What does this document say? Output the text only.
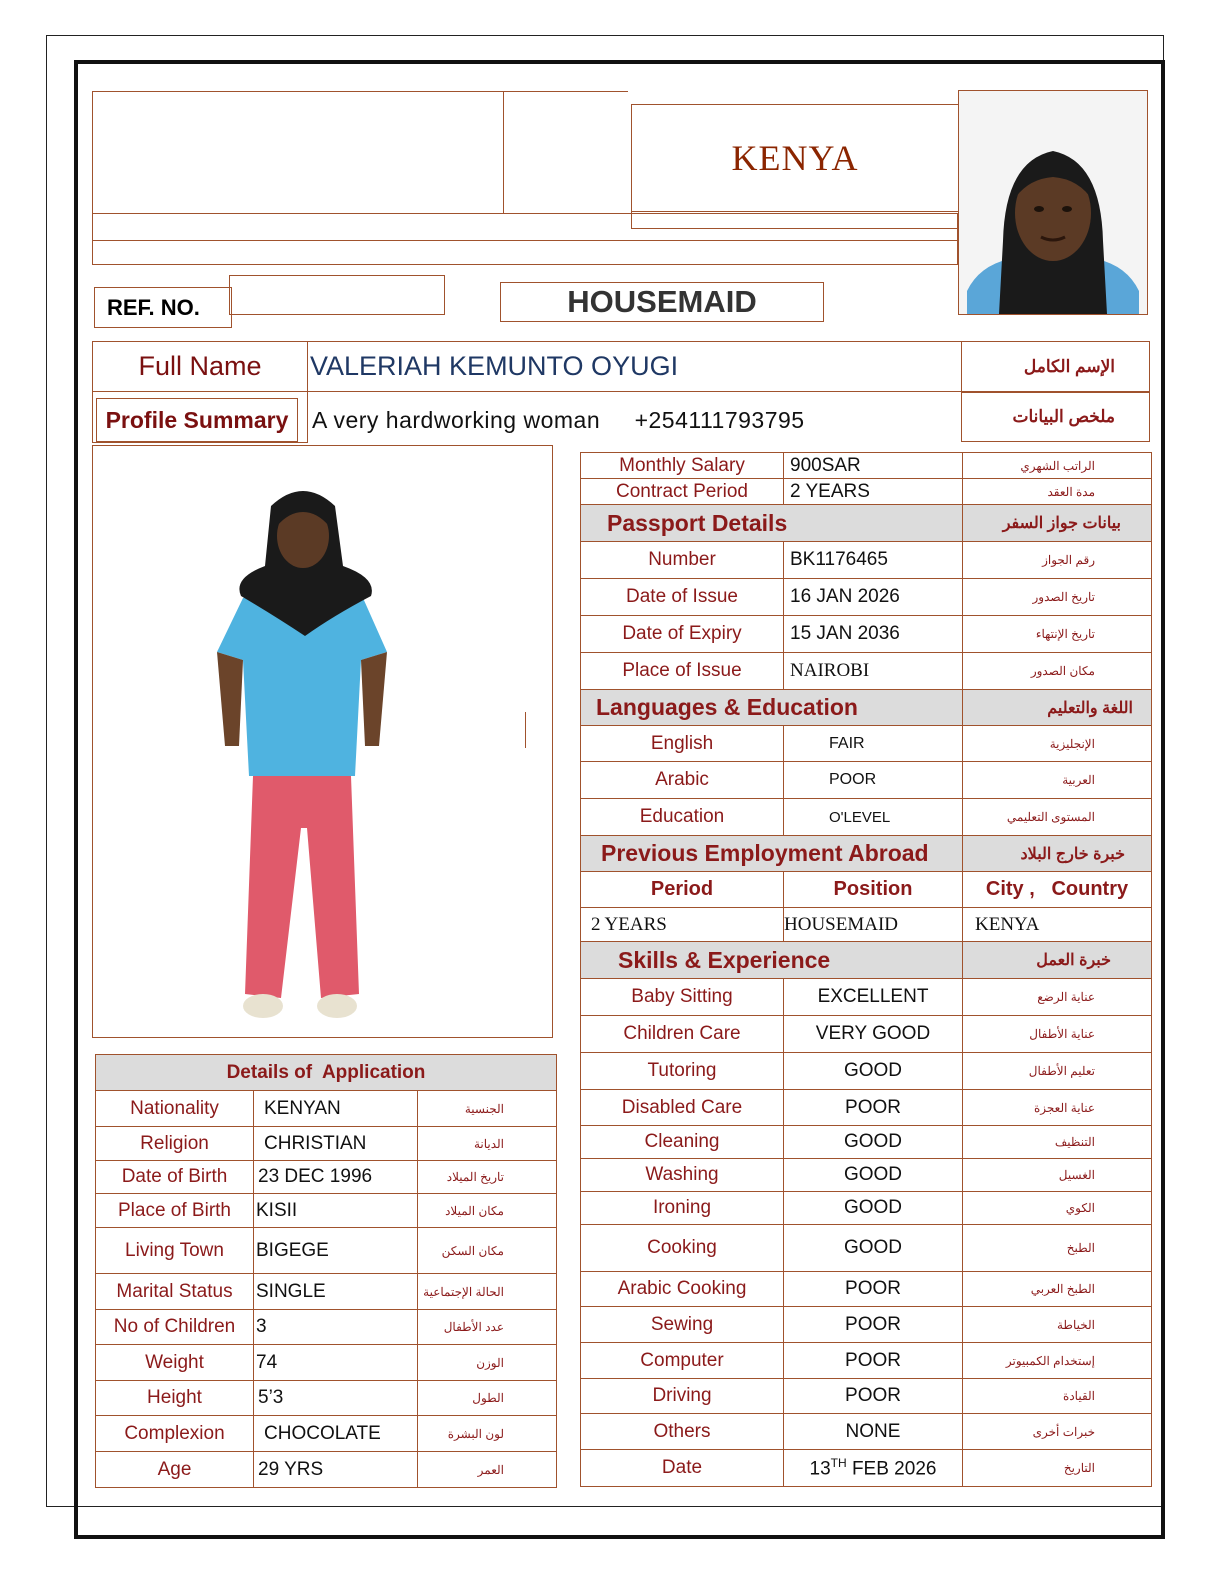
KENYA
REF. NO.	HOUSEMAID
Full Name	VALERIAH KEMUNTO OYUGI	الإسم الكامل
Profile Summary	A very hardworking woman     +254111793795	ملخص البيانات
Monthly Salary	900SAR	الراتب الشهري
Contract Period	2 YEARS	مدة العقد
Passport Details		بيانات جواز السفر
Number	BK1176465	رقم الجواز
Date of Issue	16 JAN 2026	تاريخ الصدور
Date of Expiry	15 JAN 2036	تاريخ الإنتهاء
Place of Issue	NAIROBI	مكان الصدور
Languages & Education		اللغة والتعليم
English	FAIR	الإنجليزية
Arabic	POOR	العربية
Education	O'LEVEL	المستوى التعليمي
Previous Employment Abroad		خبرة خارج البلاد
Period	Position	City ,   Country
2 YEARS	HOUSEMAID	KENYA
Skills & Experience		خبرة العمل
Baby Sitting	EXCELLENT	عناية الرضع
Children Care	VERY GOOD	عناية الأطفال
Tutoring	GOOD	تعليم الأطفال
Disabled Care	POOR	عناية العجزة
Cleaning	GOOD	التنظيف
Washing	GOOD	الغسيل
Ironing	GOOD	الكوي
Cooking	GOOD	الطبخ
Arabic Cooking	POOR	الطبخ العربي
Sewing	POOR	الخياطة
Computer	POOR	إستخدام الكمبيوتر
Driving	POOR	القيادة
Others	NONE	خبرات أخرى
Date	13TH FEB 2026	التاريخ
Details of  Application		
Nationality	KENYAN	الجنسية
Religion	CHRISTIAN	الديانة
Date of Birth	23 DEC 1996	تاريخ الميلاد
Place of Birth	KISII	مكان الميلاد
Living Town	BIGEGE	مكان السكن
Marital Status	SINGLE	الحالة الإجتماعية
No of Children	3	عدد الأطفال
Weight	74	الوزن
Height	5’3	الطول
Complexion	CHOCOLATE	لون البشرة
Age	29 YRS	العمر
